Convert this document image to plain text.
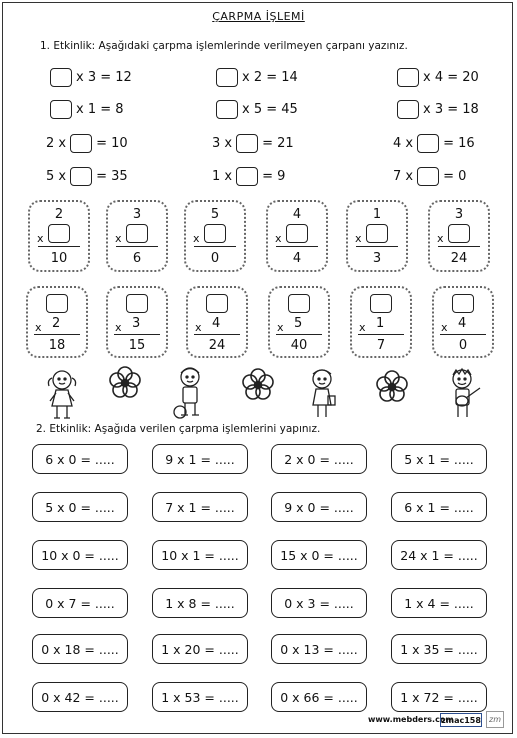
ÇARPMA İŞLEMİ
1. Etkinlik: Aşağıdaki çarpma işlemlerinde verilmeyen çarpanı yazınız.
x 3 = 12	x 2 = 14	x 4 = 20
x 1 = 8	x 5 = 45	x 3 = 18
2 x = 10	3 x = 21	4 x = 16
5 x = 35	1 x = 9	7 x = 0
2
x
10
3
x
6
5
x
0
4
x
4
1
x
3
3
x
24
x 2
18
x 3
15
x 4
24
x 5
40
x 1
7
x 4
0
2. Etkinlik: Aşağıda verilen çarpma işlemlerini yapınız.
6 x 0 = .....	9 x 1 = .....	2 x 0 = .....	5 x 1 = .....
5 x 0 = .....	7 x 1 = .....	9 x 0 = .....	6 x 1 = .....
10 x 0 = .....	10 x 1 = .....	15 x 0 = .....	24 x 1 = .....
0 x 7 = .....	1 x 8 = .....	0 x 3 = .....	1 x 4 = .....
0 x 18 = .....	1 x 20 = .....	0 x 13 = .....	1 x 35 = .....
0 x 42 = .....	1 x 53 = .....	0 x 66 = .....	1 x 72 = .....
www.mebders.com
zmac158	zm
